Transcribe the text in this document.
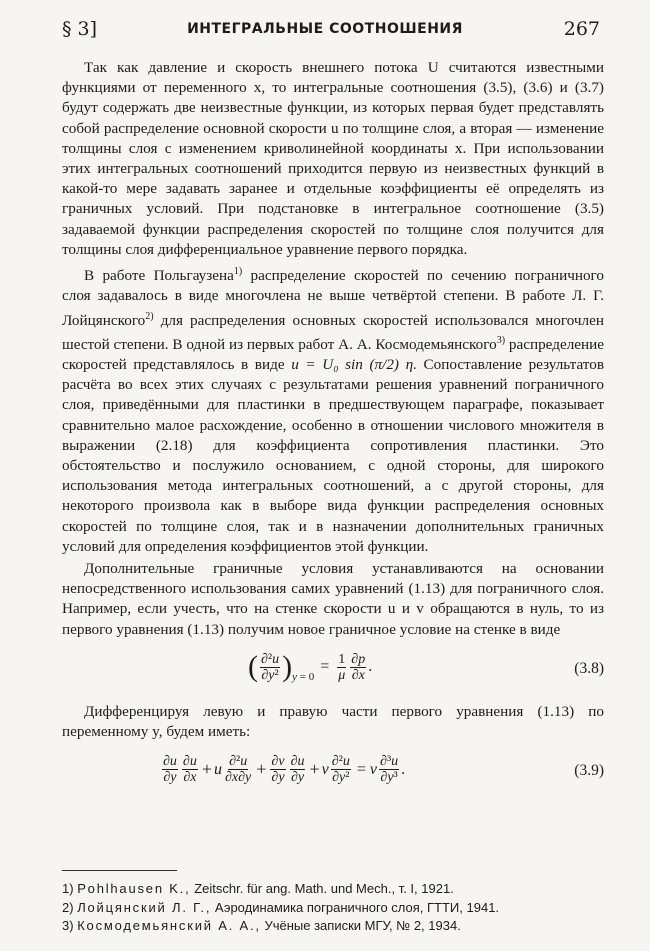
§ 3]	ИНТЕГРАЛЬНЫЕ СООТНОШЕНИЯ	267
Так как давление и скорость внешнего потока U считаются известными функциями от переменного x, то интегральные соотношения (3.5), (3.6) и (3.7) будут содержать две неизвестные функции, из которых первая будет представлять собой распределение основной скорости u по толщине слоя, а вторая — изменение толщины слоя с изменением криволинейной координаты x. При использовании этих интегральных соотношений приходится первую из неизвестных функций в какой-то мере задавать заранее и отдельные коэффициенты её определять из граничных условий. При подстановке в интегральное соотношение (3.5) задаваемой функции распределения скоростей по толщине слоя получится для толщины слоя дифференциальное уравнение первого порядка.
В работе Польгаузена$^{1)}$ распределение скоростей по сечению пограничного слоя задавалось в виде многочлена не выше четвёртой степени. В работе Л. Г. Лойцянского$^{2)}$ для распределения основных скоростей использовался многочлен шестой степени. В одной из первых работ А. А. Космодемьянского$^{3)}$ распределение скоростей представлялось в виде u = U₀ sin (π/2) η. Сопоставление результатов расчёта во всех этих случаях с результатами решения уравнений пограничного слоя, приведёнными для пластинки в предшествующем параграфе, показывает сравнительно малое расхождение, особенно в отношении числового множителя в выражении (2.18) для коэффициента сопротивления пластинки. Это обстоятельство и послужило основанием, с одной стороны, для широкого использования метода интегральных соотношений, а с другой стороны, для некоторого произвола как в выборе вида функции распределения основных скоростей по толщине слоя, так и в назначении дополнительных граничных условий для определения коэффициентов этой функции.
Дополнительные граничные условия устанавливаются на основании непосредственного использования самих уравнений (1.13) для пограничного слоя. Например, если учесть, что на стенке скорости u и v обращаются в нуль, то из первого уравнения (1.13) получим новое граничное условие на стенке в виде
( $\frac{\text{∂²u}}{\text{∂y²}}$ ) $_{y = 0}$
= $\frac{1}{\mu} \frac{\partial p}{\partial x}$ .	(3.8)
Дифференцируя левую и правую части первого уравнения (1.13) по переменному y, будем иметь:
$\frac{\partial u}{\partial y} \frac{\partial u}{\partial x} + u \frac{\text{∂²u}}{\partial x\partial y} + \frac{\partial v}{\partial y} \frac{\partial u}{\partial y} + v \frac{\text{∂²u}}{\text{∂y²}} = \nu \frac{\text{∂³u}}{\text{∂y³}}$ .	(3.9)
1) Pohlhausen K., Zeitschr. für ang. Math. und Mech., т. I, 1921.
2) Лойцянский Л. Г., Аэродинамика пограничного слоя, ГТТИ, 1941.
3) Космодемьянский А. А., Учёные записки МГУ, № 2, 1934.
